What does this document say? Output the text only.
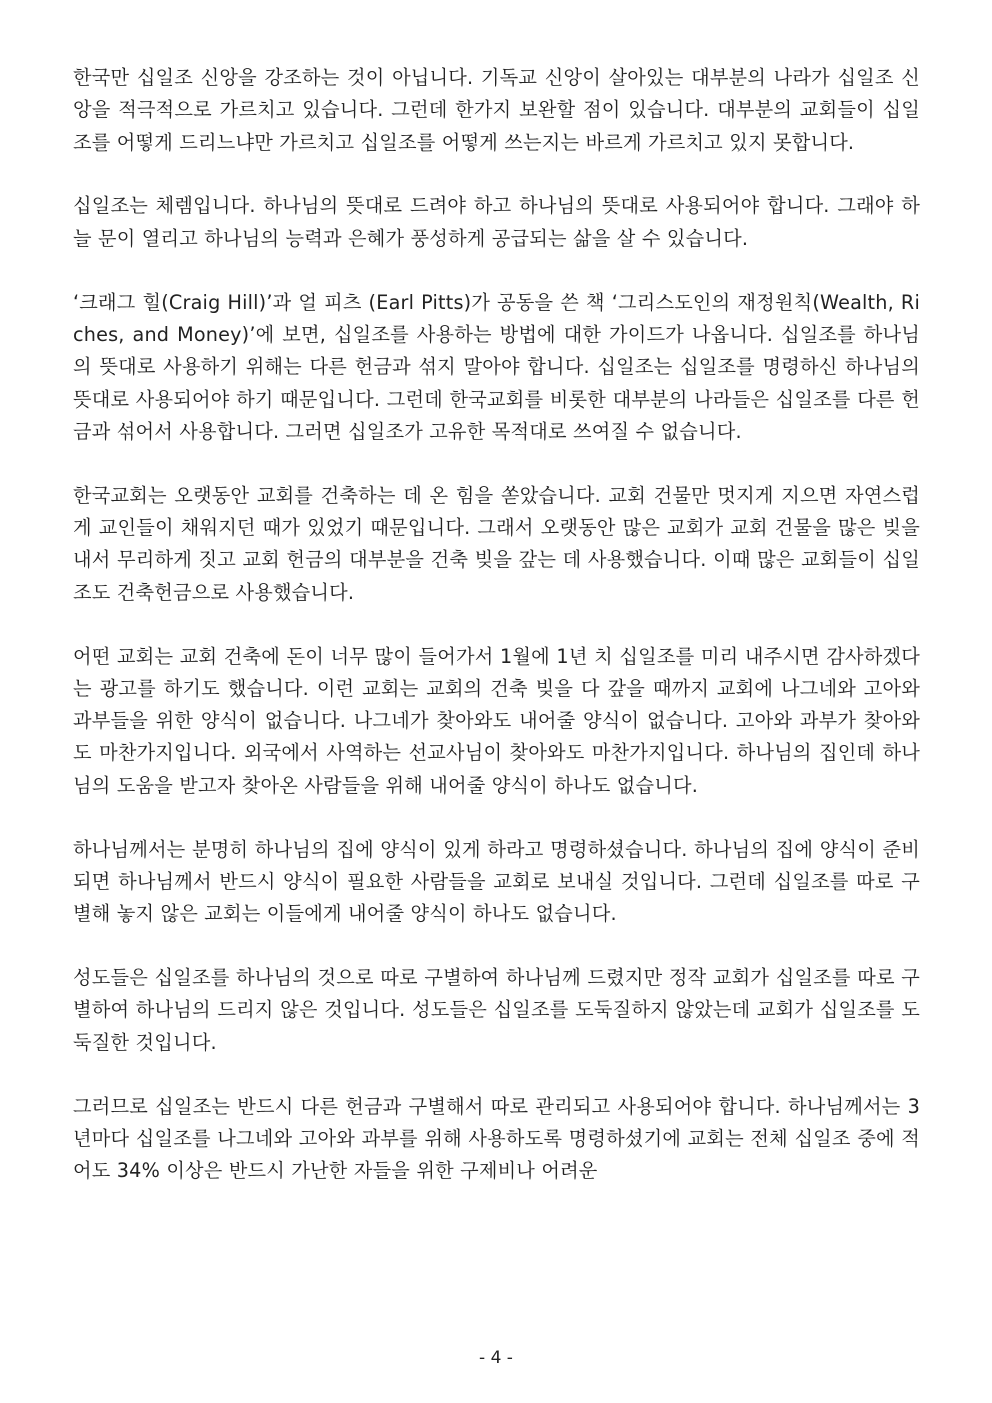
한국만 십일조 신앙을 강조하는 것이 아닙니다. 기독교 신앙이 살아있는 대부분의 나라가 십일조 신앙을 적극적으로 가르치고 있습니다. 그런데 한가지 보완할 점이 있습니다. 대부분의 교회들이 십일조를 어떻게 드리느냐만 가르치고 십일조를 어떻게 쓰는지는 바르게 가르치고 있지 못합니다.

십일조는 체렘입니다. 하나님의 뜻대로 드려야 하고 하나님의 뜻대로 사용되어야 합니다. 그래야 하늘 문이 열리고 하나님의 능력과 은혜가 풍성하게 공급되는 삶을 살 수 있습니다.

‘크래그 힐(Craig Hill)’과 얼 피츠 (Earl Pitts)가 공동을 쓴 책 ‘그리스도인의 재정원칙(Wealth, Riches, and Money)’에 보면, 십일조를 사용하는 방법에 대한 가이드가 나옵니다. 십일조를 하나님의 뜻대로 사용하기 위해는 다른 헌금과 섞지 말아야 합니다. 십일조는 십일조를 명령하신 하나님의 뜻대로 사용되어야 하기 때문입니다. 그런데 한국교회를 비롯한 대부분의 나라들은 십일조를 다른 헌금과 섞어서 사용합니다. 그러면 십일조가 고유한 목적대로 쓰여질 수 없습니다.

한국교회는 오랫동안 교회를 건축하는 데 온 힘을 쏟았습니다. 교회 건물만 멋지게 지으면 자연스럽게 교인들이 채워지던 때가 있었기 때문입니다. 그래서 오랫동안 많은 교회가 교회 건물을 많은 빚을 내서 무리하게 짓고 교회 헌금의 대부분을 건축 빚을 갚는 데 사용했습니다. 이때 많은 교회들이 십일조도 건축헌금으로 사용했습니다.

어떤 교회는 교회 건축에 돈이 너무 많이 들어가서 1월에 1년 치 십일조를 미리 내주시면 감사하겠다는 광고를 하기도 했습니다. 이런 교회는 교회의 건축 빚을 다 갚을 때까지 교회에 나그네와 고아와 과부들을 위한 양식이 없습니다. 나그네가 찾아와도 내어줄 양식이 없습니다. 고아와 과부가 찾아와도 마찬가지입니다. 외국에서 사역하는 선교사님이 찾아와도 마찬가지입니다. 하나님의 집인데 하나님의 도움을 받고자 찾아온 사람들을 위해 내어줄 양식이 하나도 없습니다.

하나님께서는 분명히 하나님의 집에 양식이 있게 하라고 명령하셨습니다. 하나님의 집에 양식이 준비되면 하나님께서 반드시 양식이 필요한 사람들을 교회로 보내실 것입니다. 그런데 십일조를 따로 구별해 놓지 않은 교회는 이들에게 내어줄 양식이 하나도 없습니다.

성도들은 십일조를 하나님의 것으로 따로 구별하여 하나님께 드렸지만 정작 교회가 십일조를 따로 구별하여 하나님의 드리지 않은 것입니다. 성도들은 십일조를 도둑질하지 않았는데 교회가 십일조를 도둑질한 것입니다.

그러므로 십일조는 반드시 다른 헌금과 구별해서 따로 관리되고 사용되어야 합니다. 하나님께서는 3년마다 십일조를 나그네와 고아와 과부를 위해 사용하도록 명령하셨기에 교회는 전체 십일조 중에 적어도 34% 이상은 반드시 가난한 자들을 위한 구제비나 어려운

- 4 -
